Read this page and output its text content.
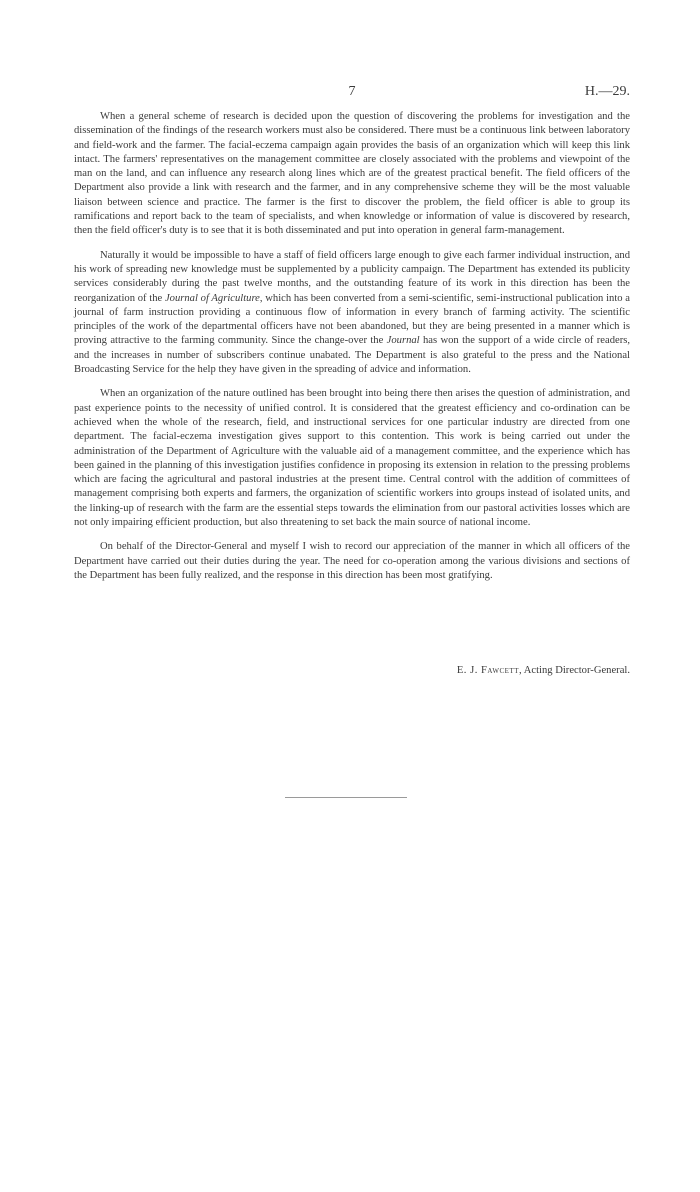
7	H.—29.

When a general scheme of research is decided upon the question of discovering the problems for investigation and the dissemination of the findings of the research workers must also be considered. There must be a continuous link between laboratory and field-work and the farmer. The facial-eczema campaign again provides the basis of an organization which will keep this link intact. The farmers' representatives on the management committee are closely associated with the problems and viewpoint of the man on the land, and can influence any research along lines which are of the greatest practical benefit. The field officers of the Department also provide a link with research and the farmer, and in any comprehensive scheme they will be the most valuable liaison between science and practice. The farmer is the first to discover the problem, the field officer is able to group its ramifications and report back to the team of specialists, and when knowledge or information of value is discovered by research, then the field officer's duty is to see that it is both disseminated and put into operation in general farm-management.

Naturally it would be impossible to have a staff of field officers large enough to give each farmer individual instruction, and his work of spreading new knowledge must be supplemented by a publicity campaign. The Department has extended its publicity services considerably during the past twelve months, and the outstanding feature of its work in this direction has been the reorganization of the Journal of Agriculture, which has been converted from a semi-scientific, semi-instructional publication into a journal of farm instruction providing a continuous flow of information in every branch of farming activity. The scientific principles of the work of the departmental officers have not been abandoned, but they are being presented in a manner which is proving attractive to the farming community. Since the change-over the Journal has won the support of a wide circle of readers, and the increases in number of subscribers continue unabated. The Department is also grateful to the press and the National Broadcasting Service for the help they have given in the spreading of advice and information.

When an organization of the nature outlined has been brought into being there then arises the question of administration, and past experience points to the necessity of unified control. It is considered that the greatest efficiency and co-ordination can be achieved when the whole of the research, field, and instructional services for one particular industry are directed from one department. The facial-eczema investigation gives support to this contention. This work is being carried out under the administration of the Department of Agriculture with the valuable aid of a management committee, and the experience which has been gained in the planning of this investigation justifies confidence in proposing its extension in relation to the pressing problems which are facing the agricultural and pastoral industries at the present time. Central control with the addition of committees of management comprising both experts and farmers, the organization of scientific workers into groups instead of isolated units, and the linking-up of research with the farm are the essential steps towards the elimination from our pastoral activities losses which are not only impairing efficient production, but also threatening to set back the main source of national income.

On behalf of the Director-General and myself I wish to record our appreciation of the manner in which all officers of the Department have carried out their duties during the year. The need for co-operation among the various divisions and sections of the Department has been fully realized, and the response in this direction has been most gratifying.

E. J. Fawcett, Acting Director-General.
